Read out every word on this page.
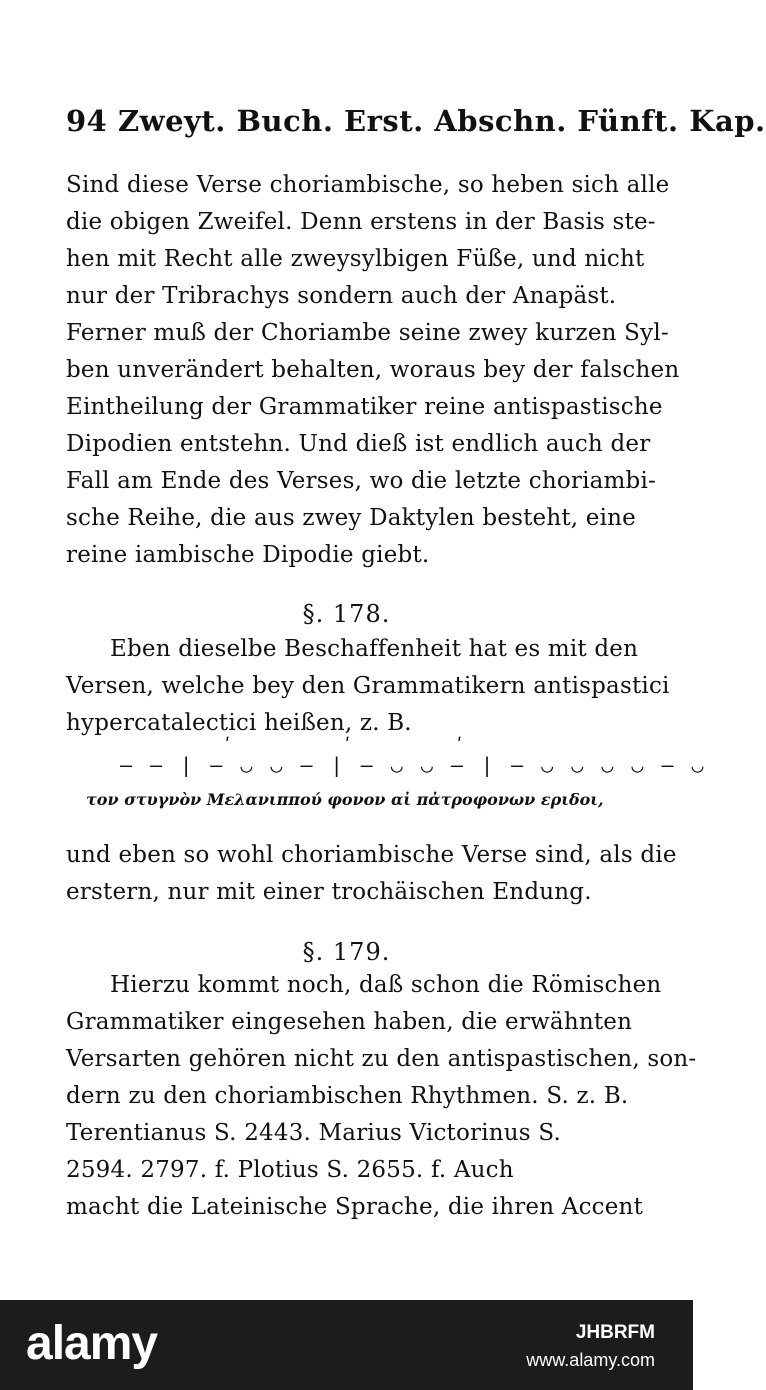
94 Zweyt. Buch. Erst. Abschn. Fünft. Kap.
Sind diese Verse choriambische, so heben sich alle
die obigen Zweifel. Denn erstens in der Basis ste-
hen mit Recht alle zweysylbigen Füße, und nicht
nur der Tribrachys sondern auch der Anapäst.
Ferner muß der Choriambe seine zwey kurzen Syl-
ben unverändert behalten, woraus bey der falschen
Eintheilung der Grammatiker reine antispastische
Dipodien entstehn. Und dieß ist endlich auch der
Fall am Ende des Verses, wo die letzte choriambi-
sche Reihe, die aus zwey Daktylen besteht, eine
reine iambische Dipodie giebt.
§. 178.
Eben dieselbe Beschaffenheit hat es mit den
Versen, welche bey den Grammatikern antispastici
hypercatalectici heißen, z. B.
ʹ	ʹ	ʹ
‒ ‒ | ‒ ◡ ◡ ‒ | ‒ ◡ ◡ ‒ | ‒ ◡ ◡ ◡ ◡ ‒ ◡
τον στυγνὸν Μελανιππού φονον αἰ πἀτροφονων εριδοι,
und eben so wohl choriambische Verse sind, als die
erstern, nur mit einer trochäischen Endung.
§. 179.
Hierzu kommt noch, daß schon die Römischen
Grammatiker eingesehen haben, die erwähnten
Versarten gehören nicht zu den antispastischen, son-
dern zu den choriambischen Rhythmen. S. z. B.
Terentianus S. 2443. Marius Victorinus S.
2594. 2797. f. Plotius S. 2655. f. Auch
macht die Lateinische Sprache, die ihren Accent
alamy	JHBRFM
www.alamy.com
